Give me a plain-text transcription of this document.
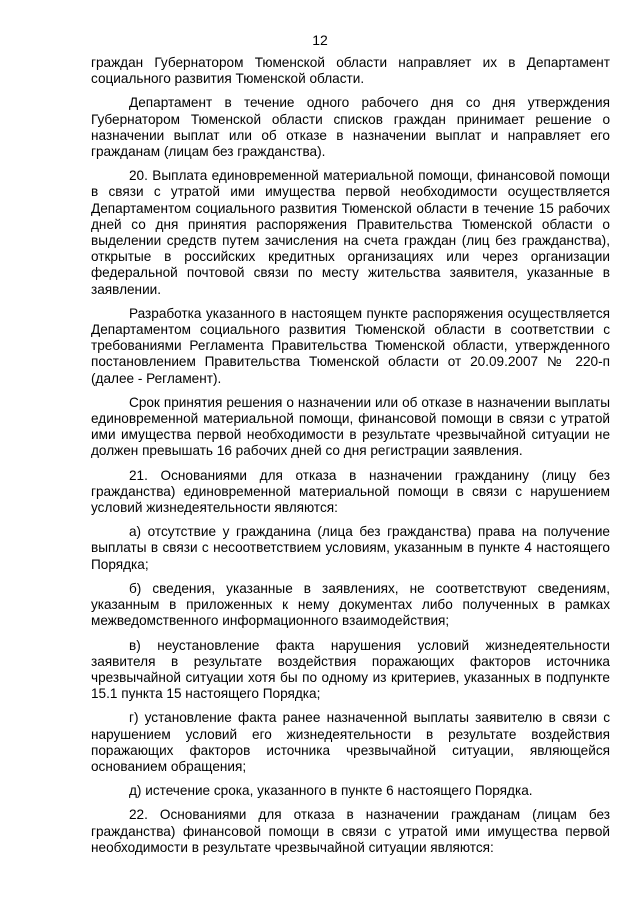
12

граждан Губернатором Тюменской области направляет их в Департамент социального развития Тюменской области.

Департамент в течение одного рабочего дня со дня утверждения Губернатором Тюменской области списков граждан принимает решение о назначении выплат или об отказе в назначении выплат и направляет его гражданам (лицам без гражданства).

20. Выплата единовременной материальной помощи, финансовой помощи в связи с утратой ими имущества первой необходимости осуществляется Департаментом социального развития Тюменской области в течение 15 рабочих дней со дня принятия распоряжения Правительства Тюменской области о выделении средств путем зачисления на счета граждан (лиц без гражданства), открытые в российских кредитных организациях или через организации федеральной почтовой связи по месту жительства заявителя, указанные в заявлении.

Разработка указанного в настоящем пункте распоряжения осуществляется Департаментом социального развития Тюменской области в соответствии с требованиями Регламента Правительства Тюменской области, утвержденного постановлением Правительства Тюменской области от 20.09.2007 № 220-п (далее - Регламент).

Срок принятия решения о назначении или об отказе в назначении выплаты единовременной материальной помощи, финансовой помощи в связи с утратой ими имущества первой необходимости в результате чрезвычайной ситуации не должен превышать 16 рабочих дней со дня регистрации заявления.

21. Основаниями для отказа в назначении гражданину (лицу без гражданства) единовременной материальной помощи в связи с нарушением условий жизнедеятельности являются:

а) отсутствие у гражданина (лица без гражданства) права на получение выплаты в связи с несоответствием условиям, указанным в пункте 4 настоящего Порядка;

б) сведения, указанные в заявлениях, не соответствуют сведениям, указанным в приложенных к нему документах либо полученных в рамках межведомственного информационного взаимодействия;

в) неустановление факта нарушения условий жизнедеятельности заявителя в результате воздействия поражающих факторов источника чрезвычайной ситуации хотя бы по одному из критериев, указанных в подпункте 15.1 пункта 15 настоящего Порядка;

г) установление факта ранее назначенной выплаты заявителю в связи с нарушением условий его жизнедеятельности в результате воздействия поражающих факторов источника чрезвычайной ситуации, являющейся основанием обращения;

д) истечение срока, указанного в пункте 6 настоящего Порядка.

22. Основаниями для отказа в назначении гражданам (лицам без гражданства) финансовой помощи в связи с утратой ими имущества первой необходимости в результате чрезвычайной ситуации являются:
